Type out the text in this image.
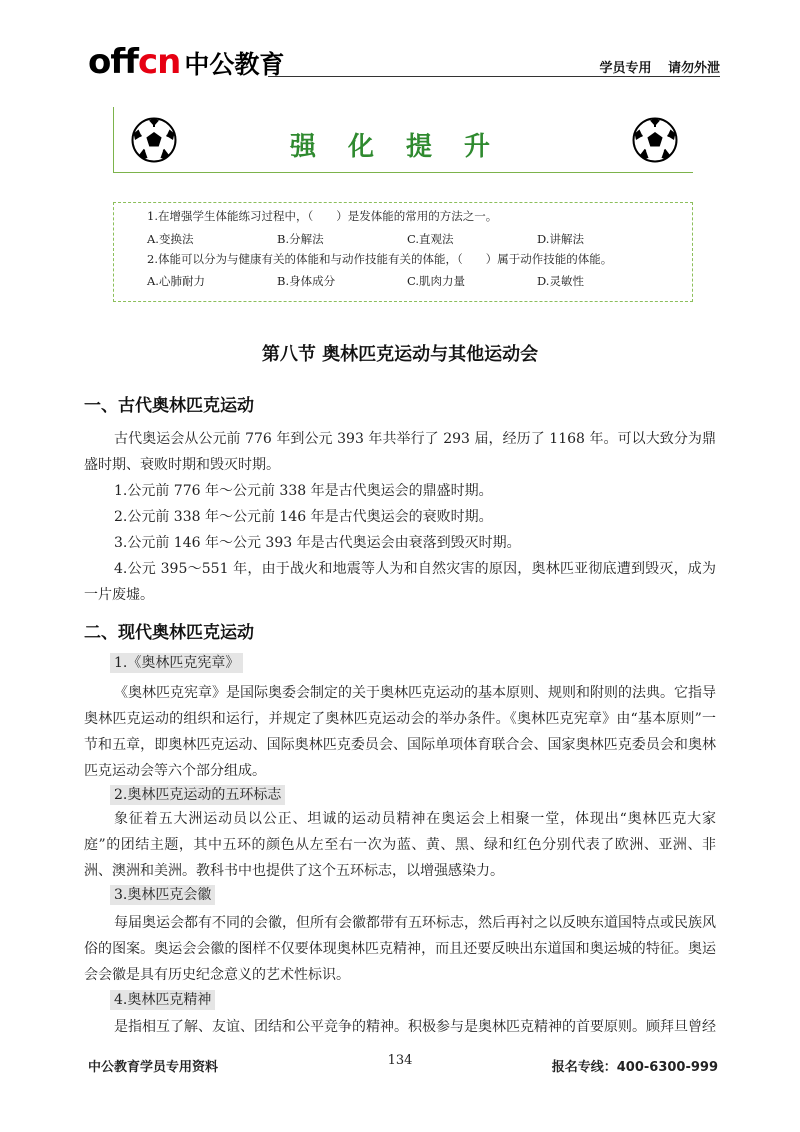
offcn 中公教育	学员专用 请勿外泄
强化提升
1.在增强学生体能练习过程中，（　　）是发体能的常用的方法之一。
A.变换法	B.分解法	C.直观法	D.讲解法
2.体能可以分为与健康有关的体能和与动作技能有关的体能，（　　）属于动作技能的体能。
A.心肺耐力	B.身体成分	C.肌肉力量	D.灵敏性
第八节 奥林匹克运动与其他运动会
一、古代奥林匹克运动
古代奥运会从公元前 776 年到公元 393 年共举行了 293 届，经历了 1168 年。可以大致分为鼎盛时期、衰败时期和毁灭时期。
1.公元前 776 年～公元前 338 年是古代奥运会的鼎盛时期。
2.公元前 338 年～公元前 146 年是古代奥运会的衰败时期。
3.公元前 146 年～公元 393 年是古代奥运会由衰落到毁灭时期。
4.公元 395～551 年，由于战火和地震等人为和自然灾害的原因，奥林匹亚彻底遭到毁灭，成为一片废墟。
二、现代奥林匹克运动
1.《奥林匹克宪章》
《奥林匹克宪章》是国际奥委会制定的关于奥林匹克运动的基本原则、规则和附则的法典。它指导奥林匹克运动的组织和运行，并规定了奥林匹克运动会的举办条件。《奥林匹克宪章》由“基本原则”一节和五章，即奥林匹克运动、国际奥林匹克委员会、国际单项体育联合会、国家奥林匹克委员会和奥林匹克运动会等六个部分组成。
2.奥林匹克运动的五环标志
象征着五大洲运动员以公正、坦诚的运动员精神在奥运会上相聚一堂，体现出“奥林匹克大家庭”的团结主题，其中五环的颜色从左至右一次为蓝、黄、黑、绿和红色分别代表了欧洲、亚洲、非洲、澳洲和美洲。教科书中也提供了这个五环标志，以增强感染力。
3.奥林匹克会徽
每届奥运会都有不同的会徽，但所有会徽都带有五环标志，然后再衬之以反映东道国特点或民族风俗的图案。奥运会会徽的图样不仅要体现奥林匹克精神，而且还要反映出东道国和奥运城的特征。奥运会会徽是具有历史纪念意义的艺术性标识。
4.奥林匹克精神
是指相互了解、友谊、团结和公平竞争的精神。积极参与是奥林匹克精神的首要原则。顾拜旦曾经
中公教育学员专用资料	134	报名专线：400-6300-999
